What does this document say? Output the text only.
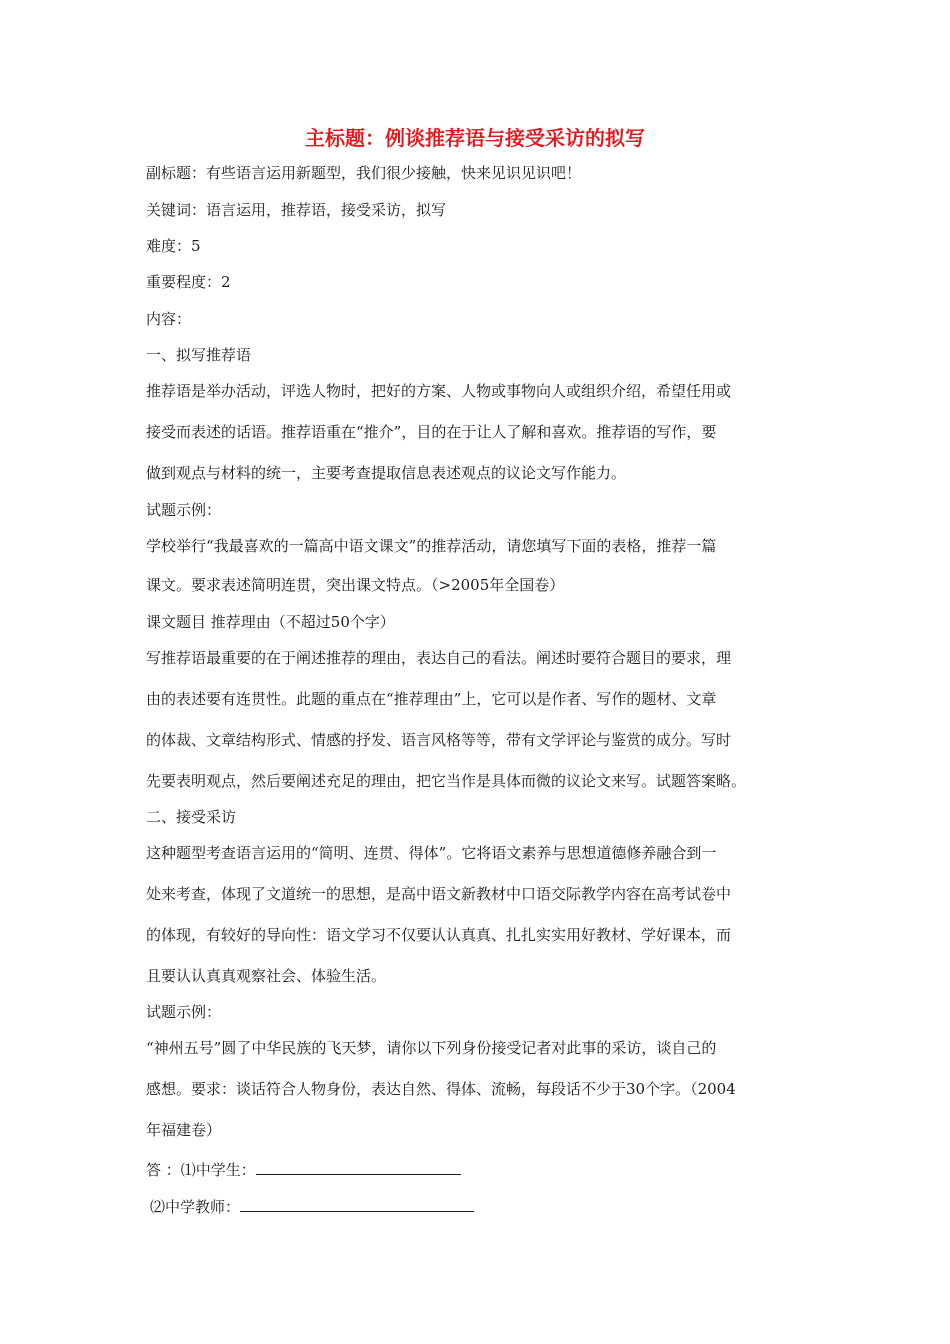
主标题：例谈推荐语与接受采访的拟写
副标题：有些语言运用新题型，我们很少接触，快来见识见识吧！
关键词：语言运用，推荐语，接受采访，拟写
难度：5
重要程度：2
内容：
一、拟写推荐语
推荐语是举办活动，评选人物时，把好的方案、人物或事物向人或组织介绍，希望任用或
接受而表述的话语。推荐语重在“推介”，目的在于让人了解和喜欢。推荐语的写作，要
做到观点与材料的统一，主要考查提取信息表述观点的议论文写作能力。
试题示例：
学校举行“我最喜欢的一篇高中语文课文”的推荐活动，请您填写下面的表格，推荐一篇
课文。要求表述简明连贯，突出课文特点。（>2005年全国卷）
课文题目 推荐理由（不超过50个字）
写推荐语最重要的在于阐述推荐的理由，表达自己的看法。阐述时要符合题目的要求，理
由的表述要有连贯性。此题的重点在“推荐理由”上，它可以是作者、写作的题材、文章
的体裁、文章结构形式、情感的抒发、语言风格等等，带有文学评论与鉴赏的成分。写时
先要表明观点，然后要阐述充足的理由，把它当作是具体而微的议论文来写。试题答案略。
二、接受采访
这种题型考查语言运用的“简明、连贯、得体”。它将语文素养与思想道德修养融合到一
处来考查，体现了文道统一的思想，是高中语文新教材中口语交际教学内容在高考试卷中
的体现，有较好的导向性：语文学习不仅要认认真真、扎扎实实用好教材、学好课本，而
且要认认真真观察社会、体验生活。
试题示例：
“神州五号”圆了中华民族的飞天梦，请你以下列身份接受记者对此事的采访，谈自己的
感想。要求：谈话符合人物身份，表达自然、得体、流畅，每段话不少于30个字。（2004
年福建卷）
答 ：⑴中学生：
⑵中学教师：
